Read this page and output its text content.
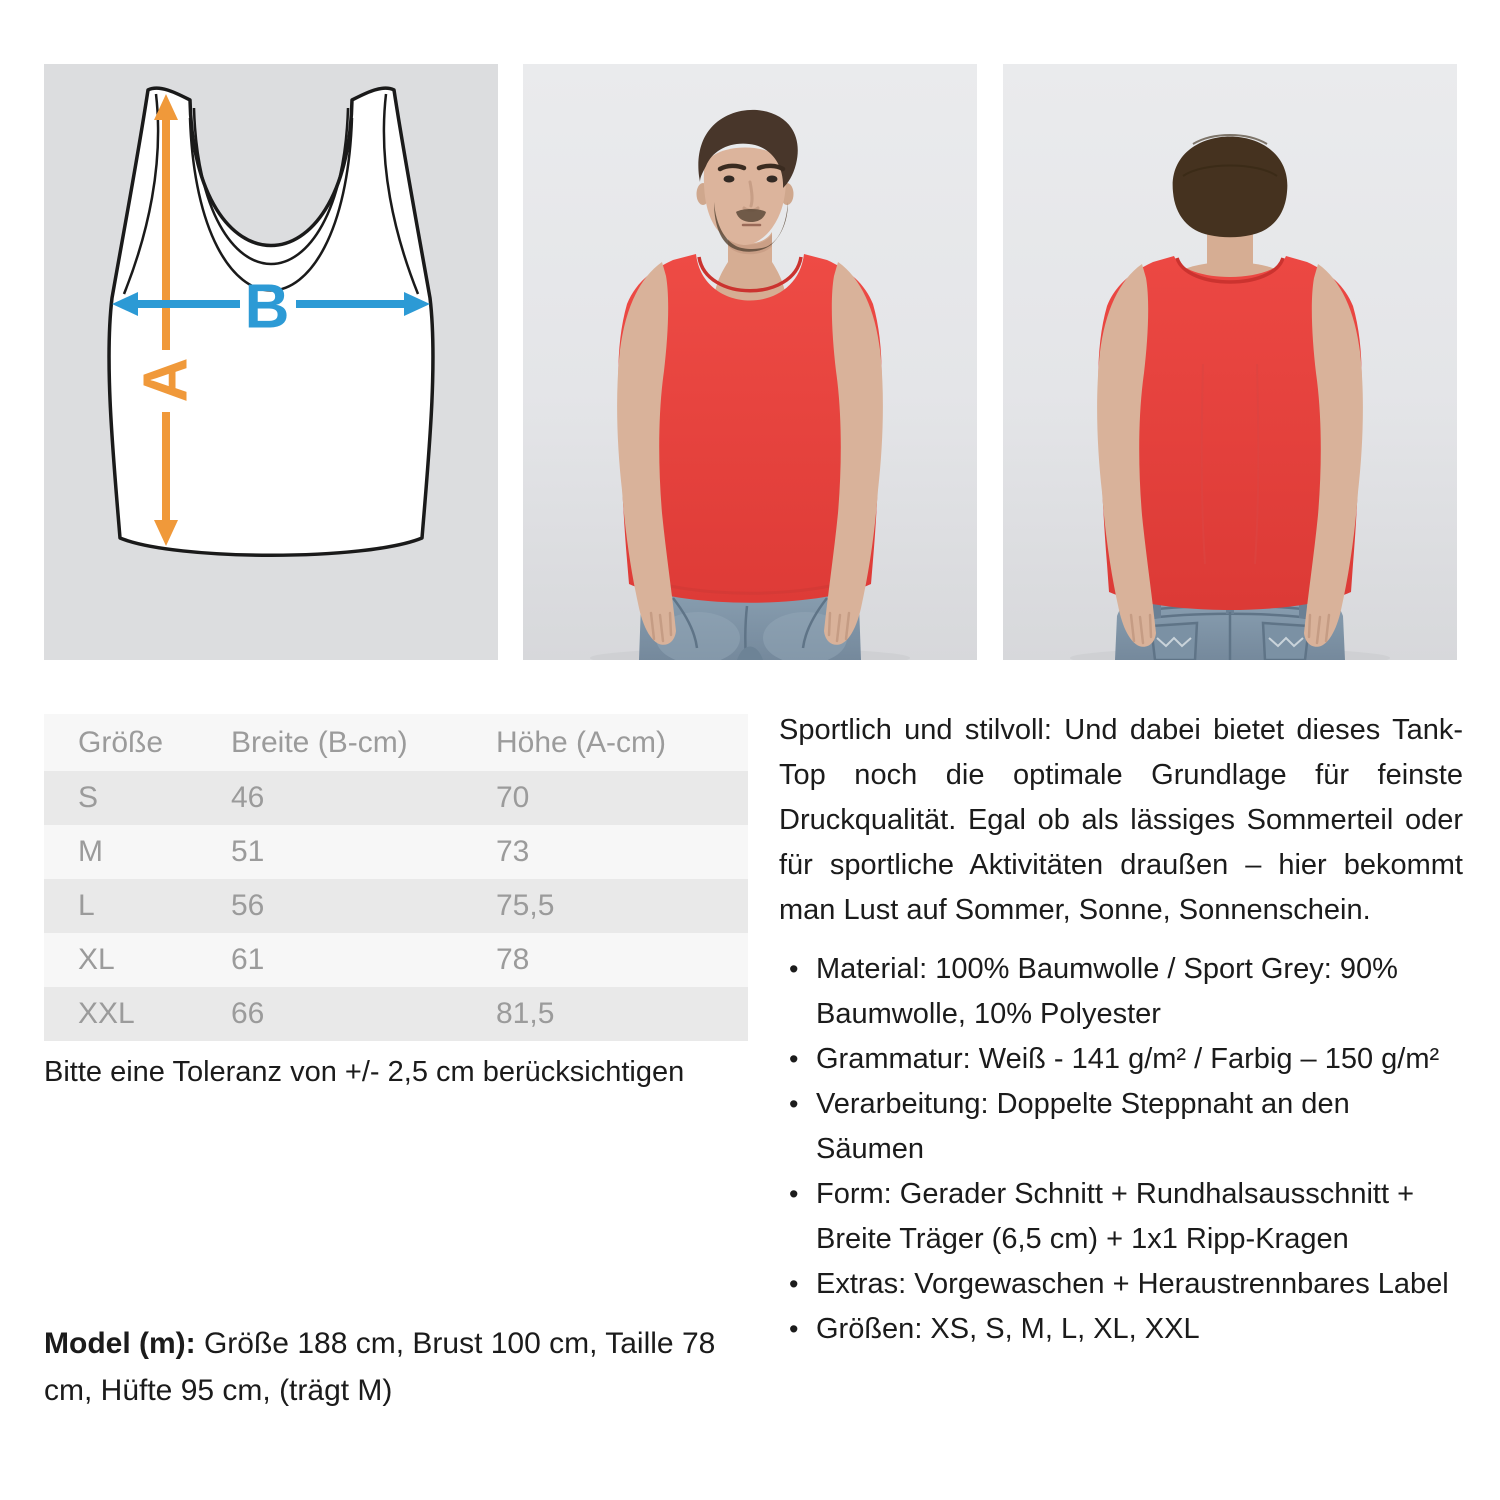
A
B
Größe	Breite (B-cm)	Höhe (A-cm)
S	46	70
M	51	73
L	56	75,5
XL	61	78
XXL	66	81,5
Bitte eine Toleranz von +/- 2,5 cm berücksichtigen
Model (m): Größe 188 cm, Brust 100 cm, Taille 78 cm, Hüfte 95 cm, (trägt M)

Sportlich und stilvoll: Und dabei bietet dieses Tank-Top noch die optimale Grundlage für feinste Druckqualität. Egal ob als lässiges Sommerteil oder für sportliche Aktivitäten draußen – hier bekommt man Lust auf Sommer, Sonne, Sonnenschein.

• Material: 100% Baumwolle / Sport Grey: 90% Baumwolle, 10% Polyester
• Grammatur: Weiß - 141 g/m² / Farbig – 150 g/m²
• Verarbeitung: Doppelte Steppnaht an den Säumen
• Form: Gerader Schnitt + Rundhalsausschnitt + Breite Träger (6,5 cm) + 1x1 Ripp-Kragen
• Extras: Vorgewaschen + Heraustrennbares Label
• Größen: XS, S, M, L, XL, XXL
